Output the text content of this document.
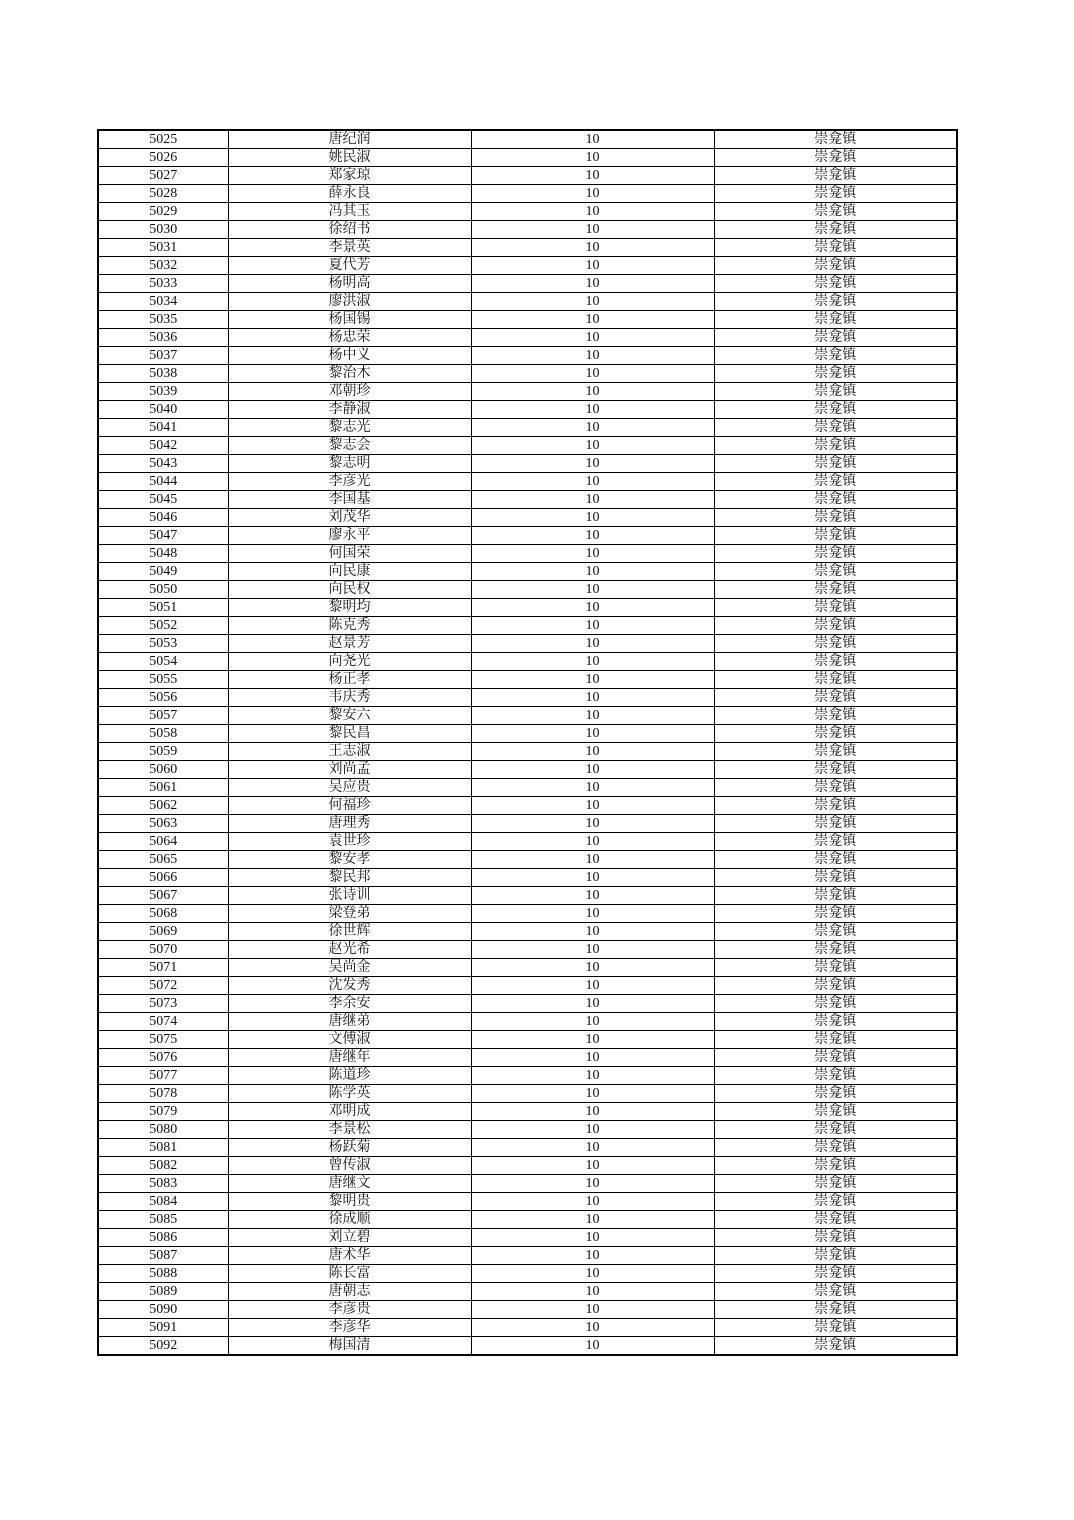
5025	唐纪润	10	崇龛镇
5026	姚民淑	10	崇龛镇
5027	郑家琼	10	崇龛镇
5028	薛永良	10	崇龛镇
5029	冯其玉	10	崇龛镇
5030	徐绍书	10	崇龛镇
5031	李景英	10	崇龛镇
5032	夏代芳	10	崇龛镇
5033	杨明高	10	崇龛镇
5034	廖洪淑	10	崇龛镇
5035	杨国锡	10	崇龛镇
5036	杨忠荣	10	崇龛镇
5037	杨中义	10	崇龛镇
5038	黎治木	10	崇龛镇
5039	邓朝珍	10	崇龛镇
5040	李静淑	10	崇龛镇
5041	黎志光	10	崇龛镇
5042	黎志会	10	崇龛镇
5043	黎志明	10	崇龛镇
5044	李彦光	10	崇龛镇
5045	李国基	10	崇龛镇
5046	刘茂华	10	崇龛镇
5047	廖永平	10	崇龛镇
5048	何国荣	10	崇龛镇
5049	向民康	10	崇龛镇
5050	向民权	10	崇龛镇
5051	黎明均	10	崇龛镇
5052	陈克秀	10	崇龛镇
5053	赵景芳	10	崇龛镇
5054	向尧光	10	崇龛镇
5055	杨正孝	10	崇龛镇
5056	韦庆秀	10	崇龛镇
5057	黎安六	10	崇龛镇
5058	黎民昌	10	崇龛镇
5059	王志淑	10	崇龛镇
5060	刘尚孟	10	崇龛镇
5061	吴应贵	10	崇龛镇
5062	何福珍	10	崇龛镇
5063	唐理秀	10	崇龛镇
5064	袁世珍	10	崇龛镇
5065	黎安孝	10	崇龛镇
5066	黎民邦	10	崇龛镇
5067	张诗训	10	崇龛镇
5068	梁登弟	10	崇龛镇
5069	徐世辉	10	崇龛镇
5070	赵光希	10	崇龛镇
5071	吴尚金	10	崇龛镇
5072	沈发秀	10	崇龛镇
5073	李余安	10	崇龛镇
5074	唐继弟	10	崇龛镇
5075	文傅淑	10	崇龛镇
5076	唐继年	10	崇龛镇
5077	陈道珍	10	崇龛镇
5078	陈学英	10	崇龛镇
5079	邓明成	10	崇龛镇
5080	李景松	10	崇龛镇
5081	杨跃菊	10	崇龛镇
5082	曾传淑	10	崇龛镇
5083	唐继文	10	崇龛镇
5084	黎明贵	10	崇龛镇
5085	徐成顺	10	崇龛镇
5086	刘立碧	10	崇龛镇
5087	唐术华	10	崇龛镇
5088	陈长富	10	崇龛镇
5089	唐朝志	10	崇龛镇
5090	李彦贵	10	崇龛镇
5091	李彦华	10	崇龛镇
5092	梅国清	10	崇龛镇
